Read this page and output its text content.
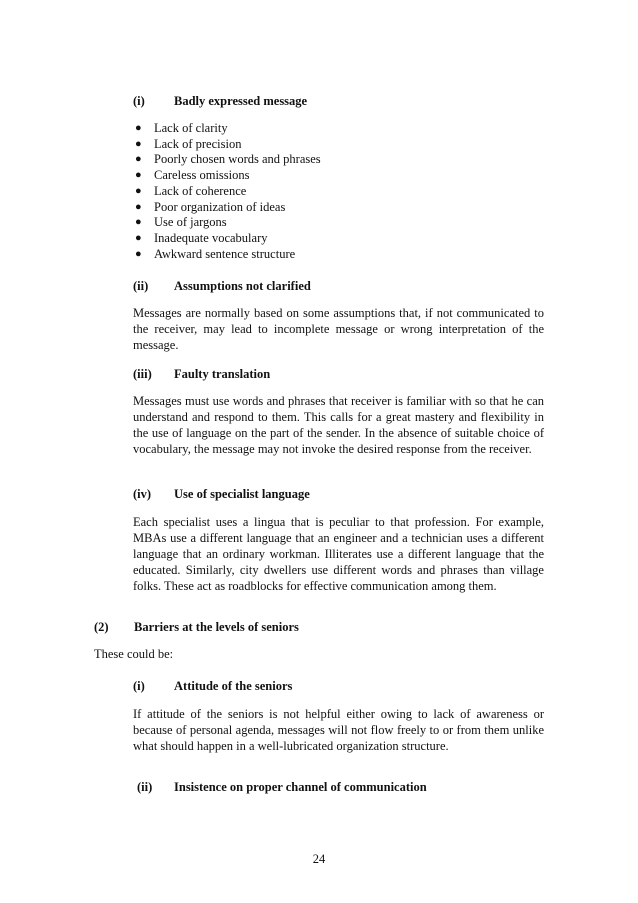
(i) Badly expressed message
● Lack of clarity
● Lack of precision
● Poorly chosen words and phrases
● Careless omissions
● Lack of coherence
● Poor organization of ideas
● Use of jargons
● Inadequate vocabulary
● Awkward sentence structure
(ii) Assumptions not clarified

Messages are normally based on some assumptions that, if not communicated to the receiver, may lead to incomplete message or wrong interpretation of the message.

(iii) Faulty translation

Messages must use words and phrases that receiver is familiar with so that he can understand and respond to them. This calls for a great mastery and flexibility in the use of language on the part of the sender. In the absence of suitable choice of vocabulary, the message may not invoke the desired response from the receiver.

(iv) Use of specialist language

Each specialist uses a lingua that is peculiar to that profession. For example, MBAs use a different language that an engineer and a technician uses a different language that an ordinary workman. Illiterates use a different language that the educated. Similarly, city dwellers use different words and phrases than village folks. These act as roadblocks for effective communication among them.

(2) Barriers at the levels of seniors
These could be:
(i) Attitude of the seniors

If attitude of the seniors is not helpful either owing to lack of awareness or because of personal agenda, messages will not flow freely to or from them unlike what should happen in a well-lubricated organization structure.

(ii) Insistence on proper channel of communication
24
